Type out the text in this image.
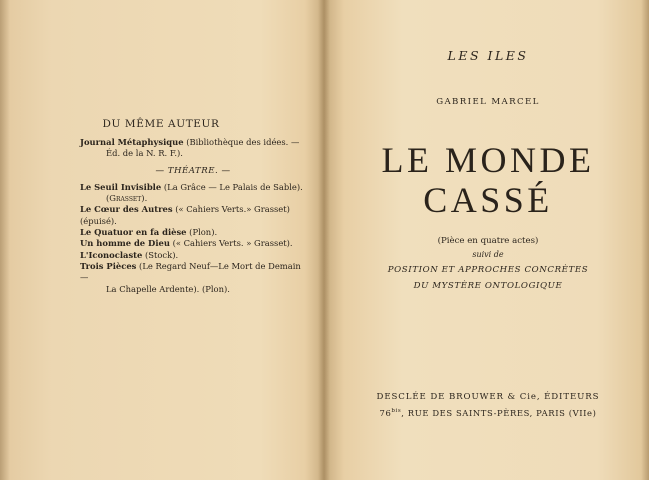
DU MÊME AUTEUR

Journal Métaphysique (Bibliothèque des idées. —
Éd. de la N. R. F.).

— THÉATRE. —

Le Seuil Invisible (La Grâce — Le Palais de Sable).
(Grasset).

Le Cœur des Autres (« Cahiers Verts.» Grasset) (épuisé).

Le Quatuor en fa dièse (Plon).

Un homme de Dieu (« Cahiers Verts. » Grasset).

L'Iconoclaste (Stock).

Trois Pièces (Le Regard Neuf—Le Mort de Demain —
La Chapelle Ardente). (Plon).

LES ILES
GABRIEL MARCEL
LE MONDE
CASSÉ
(Pièce en quatre actes)
suivi de
POSITION ET APPROCHES CONCRÈTES
DU MYSTÈRE ONTOLOGIQUE
DESCLÉE DE BROUWER & Cie, ÉDITEURS
$76^{bis}$, RUE DES SAINTS-PÈRES, PARIS (VIIe)
